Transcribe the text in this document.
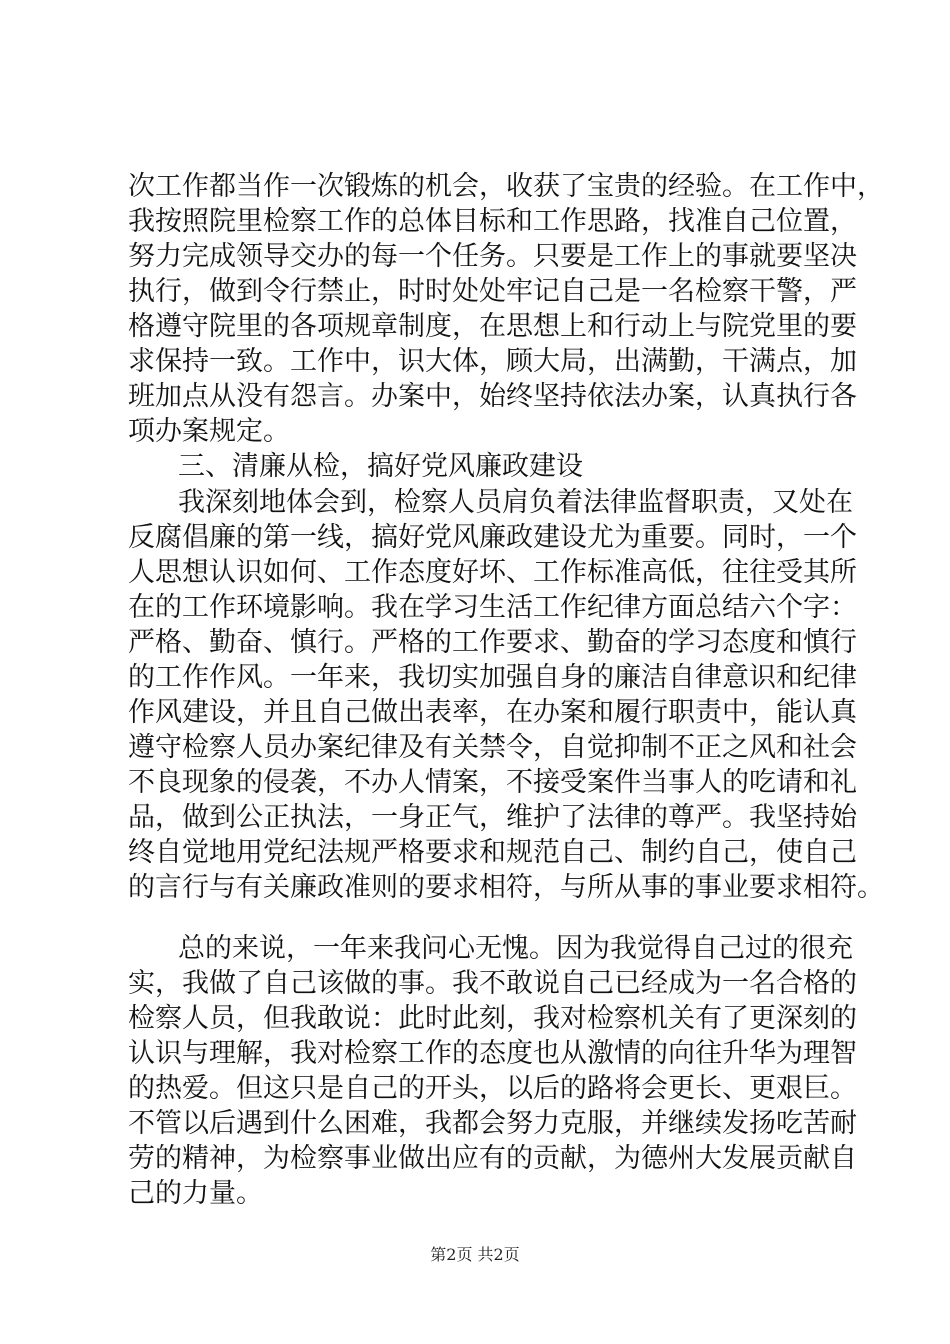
次工作都当作一次锻炼的机会，收获了宝贵的经验。在工作中，
我按照院里检察工作的总体目标和工作思路，找准自己位置，
努力完成领导交办的每一个任务。只要是工作上的事就要坚决
执行，做到令行禁止，时时处处牢记自己是一名检察干警，严
格遵守院里的各项规章制度，在思想上和行动上与院党里的要
求保持一致。工作中，识大体，顾大局，出满勤，干满点，加
班加点从没有怨言。办案中，始终坚持依法办案，认真执行各
项办案规定。
三、清廉从检，搞好党风廉政建设
我深刻地体会到，检察人员肩负着法律监督职责，又处在
反腐倡廉的第一线，搞好党风廉政建设尤为重要。同时，一个
人思想认识如何、工作态度好坏、工作标准高低，往往受其所
在的工作环境影响。我在学习生活工作纪律方面总结六个字：
严格、勤奋、慎行。严格的工作要求、勤奋的学习态度和慎行
的工作作风。一年来，我切实加强自身的廉洁自律意识和纪律
作风建设，并且自己做出表率，在办案和履行职责中，能认真
遵守检察人员办案纪律及有关禁令，自觉抑制不正之风和社会
不良现象的侵袭，不办人情案，不接受案件当事人的吃请和礼
品，做到公正执法，一身正气，维护了法律的尊严。我坚持始
终自觉地用党纪法规严格要求和规范自己、制约自己，使自己
的言行与有关廉政准则的要求相符，与所从事的事业要求相符。
总的来说，一年来我问心无愧。因为我觉得自己过的很充
实，我做了自己该做的事。我不敢说自己已经成为一名合格的
检察人员，但我敢说：此时此刻，我对检察机关有了更深刻的
认识与理解，我对检察工作的态度也从激情的向往升华为理智
的热爱。但这只是自己的开头，以后的路将会更长、更艰巨。
不管以后遇到什么困难，我都会努力克服，并继续发扬吃苦耐
劳的精神，为检察事业做出应有的贡献，为德州大发展贡献自
己的力量。
第2页 共2页
